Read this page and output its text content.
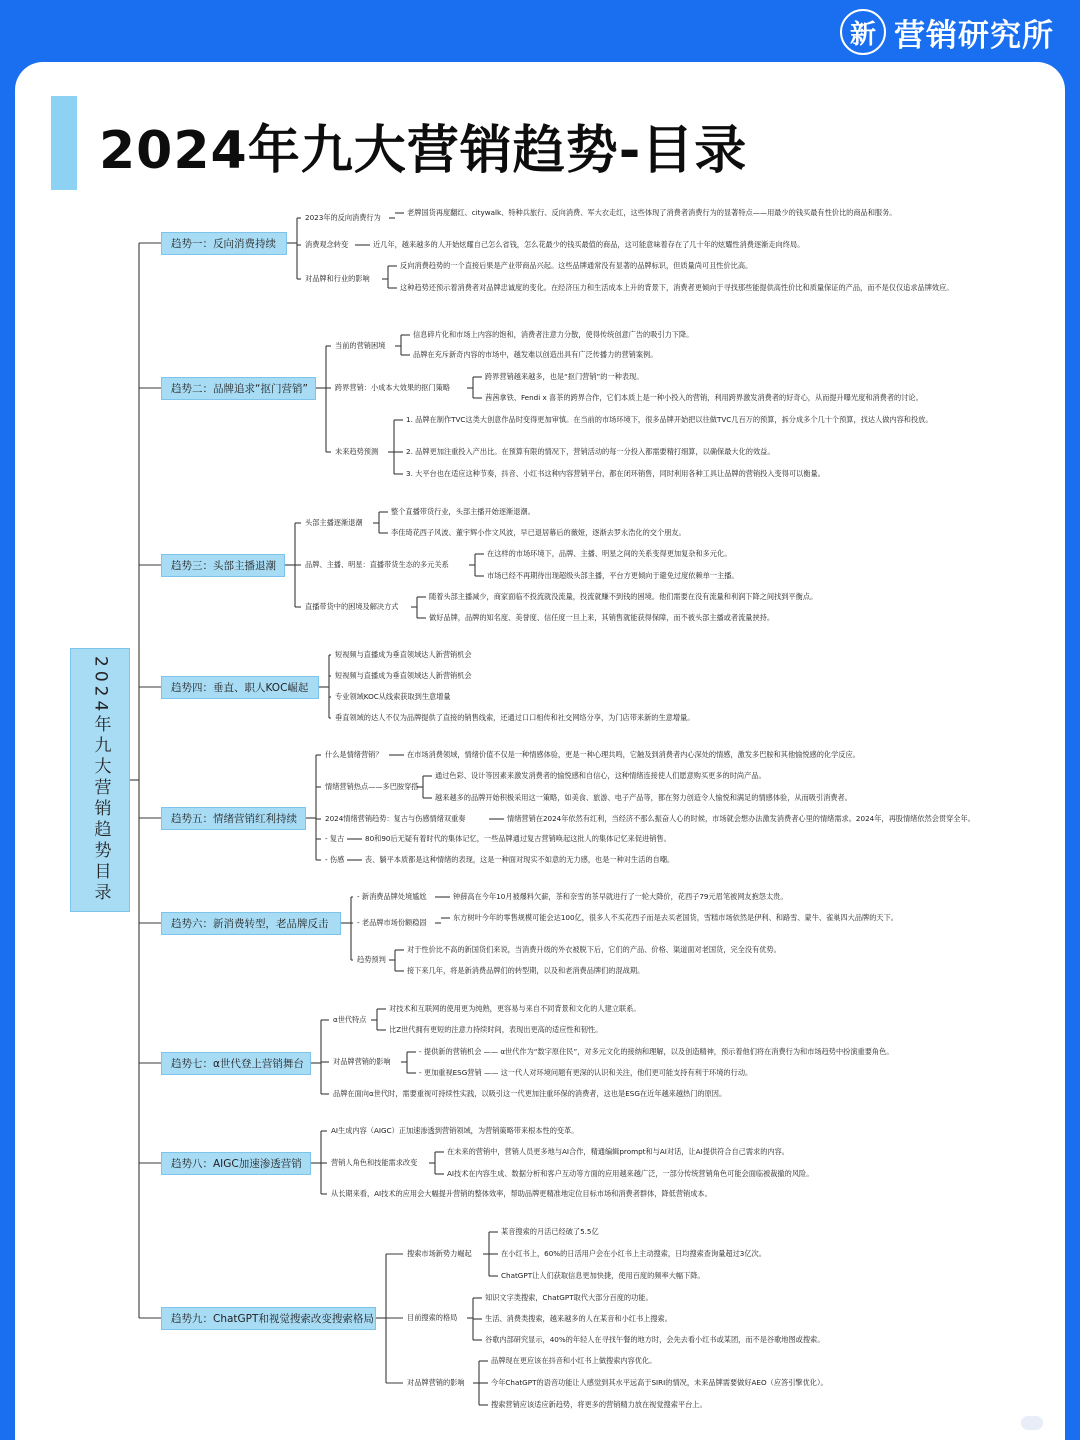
新 营销研究所
2024年九大营销趋势-目录
2024年九大营销趋势目录
趋势一：反向消费持续
2023年的反向消费行为
老牌国货再度翻红、citywalk、特种兵旅行、反向消费、军大衣走红，这些体现了消费者消费行为的显著特点——用最少的钱买最有性价比的商品和服务。
消费观念转变	近几年，越来越多的人开始炫耀自己怎么省钱，怎么花最少的钱买最值的商品，这可能意味着存在了几十年的炫耀性消费逐渐走向终局。
对品牌和行业的影响
反向消费趋势的一个直接后果是产业带商品兴起。这些品牌通常没有显著的品牌标识，但质量尚可且性价比高。
这种趋势还预示着消费者对品牌忠诚度的变化。在经济压力和生活成本上升的背景下，消费者更倾向于寻找那些能提供高性价比和质量保证的产品，而不是仅仅追求品牌效应。
趋势二：品牌追求“抠门营销”
当前的营销困境
信息碎片化和市场上内容的饱和，消费者注意力分散，使得传统创意广告的吸引力下降。
品牌在充斥新奇内容的市场中，越发难以创造出具有广泛传播力的营销案例。
跨界营销：小成本大效果的抠门策略
跨界营销越来越多，也是“抠门营销”的一种表现。
茜茜拿铁、Fendi x 喜茶的跨界合作，它们本质上是一种小投入的营销，利用跨界激发消费者的好奇心，从而提升曝光度和消费者的讨论。
未来趋势预测
1. 品牌在制作TVC这类大创意作品时变得更加审慎。在当前的市场环境下，很多品牌开始把以往做TVC几百万的预算，拆分成多个几十个预算，找达人做内容和投放。
2. 品牌更加注重投入产出比。在预算有限的情况下，营销活动的每一分投入都需要精打细算，以确保最大化的效益。
3. 大平台也在适应这种节奏，抖音、小红书这种内容营销平台，都在闭环销售，同时利用各种工具让品牌的营销投入变得可以衡量。
趋势三：头部主播退潮
头部主播逐渐退潮
整个直播带货行业，头部主播开始逐渐退潮。
李佳琦花西子风波、董宇辉小作文风波，早已退居幕后的薇娅，逐渐去罗永浩化的交个朋友。
品牌、主播、明星：直播带货生态的多元关系
在这样的市场环境下，品牌、主播、明星之间的关系变得更加复杂和多元化。
市场已经不再期待出现超级头部主播，平台方更倾向于避免过度依赖单一主播。
直播带货中的困境及解决方式
随着头部主播减少，商家面临不投流就没流量，投流就赚不到钱的困境。他们需要在没有流量和利润下降之间找到平衡点。
做好品牌，品牌的知名度、美誉度、信任度一旦上来，其销售就能获得保障，而不被头部主播或者流量挟持。
趋势四：垂直、职人KOC崛起
短视频与直播成为垂直领域达人新营销机会
短视频与直播成为垂直领域达人新营销机会
专业领域KOC从线索获取到生意增量
垂直领域的达人不仅为品牌提供了直接的销售线索，还通过口口相传和社交网络分享，为门店带来新的生意增量。
趋势五：情绪营销红利持续
什么是情绪营销？	在市场消费领域，情绪价值不仅是一种情感体验，更是一种心理共鸣，它触及到消费者内心深处的情感，激发多巴胺和其他愉悦感的化学反应。
情绪营销热点——多巴胺穿搭
通过色彩、设计等因素来激发消费者的愉悦感和自信心，这种情绪连接使人们愿意购买更多的时尚产品。
越来越多的品牌开始积极采用这一策略，如美食、旅游、电子产品等，都在努力创造令人愉悦和满足的情感体验，从而吸引消费者。
2024情绪营销趋势：复古与伤感情绪双重奏	情绪营销在2024年依然有红利，当经济不那么振奋人心的时候，市场就会想办法激发消费者心里的情绪需求。2024年，再股情绪依然会贯穿全年。
- 复古	80和90后无疑有着时代的集体记忆，一些品牌通过复古营销唤起这批人的集体记忆来促进销售。
- 伤感	丧、躺平本质都是这种情绪的表现，这是一种面对现实不如意的无力感，也是一种对生活的自嘲。
趋势六：新消费转型，老品牌反击
- 新消费品牌处境尴尬	钟薛高在今年10月被爆料欠薪，茶和奈雪的茶早就进行了一轮大降价，花西子79元眉笔被网友抱怨太贵。
- 老品牌市场份额稳固
东方树叶今年的零售规模可能会达100亿，很多人不买花西子而是去买老国货，雪糕市场依然是伊利、和路雪、蒙牛、雀巢四大品牌的天下。
趋势预判
对于性价比不高的新国货们来说，当消费升级的外衣被脱下后，它们的产品、价格、渠道面对老国货，完全没有优势。
接下来几年，将是新消费品牌们的转型期，以及和老消费品牌们的混战期。
趋势七：α世代登上营销舞台
α世代特点
对技术和互联网的使用更为纯熟，更容易与来自不同背景和文化的人建立联系。
比Z世代拥有更短的注意力持续时间，表现出更高的适应性和韧性。
对品牌营销的影响
- 提供新的营销机会 —— α世代作为“数字原住民”，对多元文化的接纳和理解，以及创造精神，预示着他们将在消费行为和市场趋势中扮演重要角色。
- 更加重视ESG营销 —— 这一代人对环境问题有更深的认识和关注，他们更可能支持有利于环境的行动。
品牌在面向α世代时，需要重视可持续性实践，以吸引这一代更加注重环保的消费者，这也是ESG在近年越来越热门的原因。
趋势八：AIGC加速渗透营销
AI生成内容（AIGC）正加速渗透到营销领域，为营销策略带来根本性的变革。
营销人角色和技能需求改变
在未来的营销中，营销人员更多地与AI合作，精通编辑prompt和与AI对话，让AI提供符合自己需求的内容。
AI技术在内容生成、数据分析和客户互动等方面的应用越来越广泛，一部分传统营销角色可能会面临被裁撤的风险。
从长期来看，AI技术的应用会大幅提升营销的整体效率，帮助品牌更精准地定位目标市场和消费者群体，降低营销成本。
趋势九：ChatGPT和视觉搜索改变搜索格局
搜索市场新势力崛起
某音搜索的月活已经破了5.5亿
在小红书上，60%的日活用户会在小红书上主动搜索，日均搜索查询量超过3亿次。
ChatGPT让人们获取信息更加快捷，使用百度的频率大幅下降。
目前搜索的格局
知识文字类搜索，ChatGPT取代大部分百度的功能。
生活、消费类搜索，越来越多的人在某音和小红书上搜索。
谷歌内部研究显示，40%的年轻人在寻找午餐的地方时，会先去看小红书或某团，而不是谷歌地图或搜索。
对品牌营销的影响
品牌现在更应该在抖音和小红书上做搜索内容优化。
今年ChatGPT的语音功能让人感觉到其水平远高于SIRI的情况，未来品牌需要做好AEO（应答引擎优化）。
搜索营销应该适应新趋势，将更多的营销精力放在视觉搜索平台上。
